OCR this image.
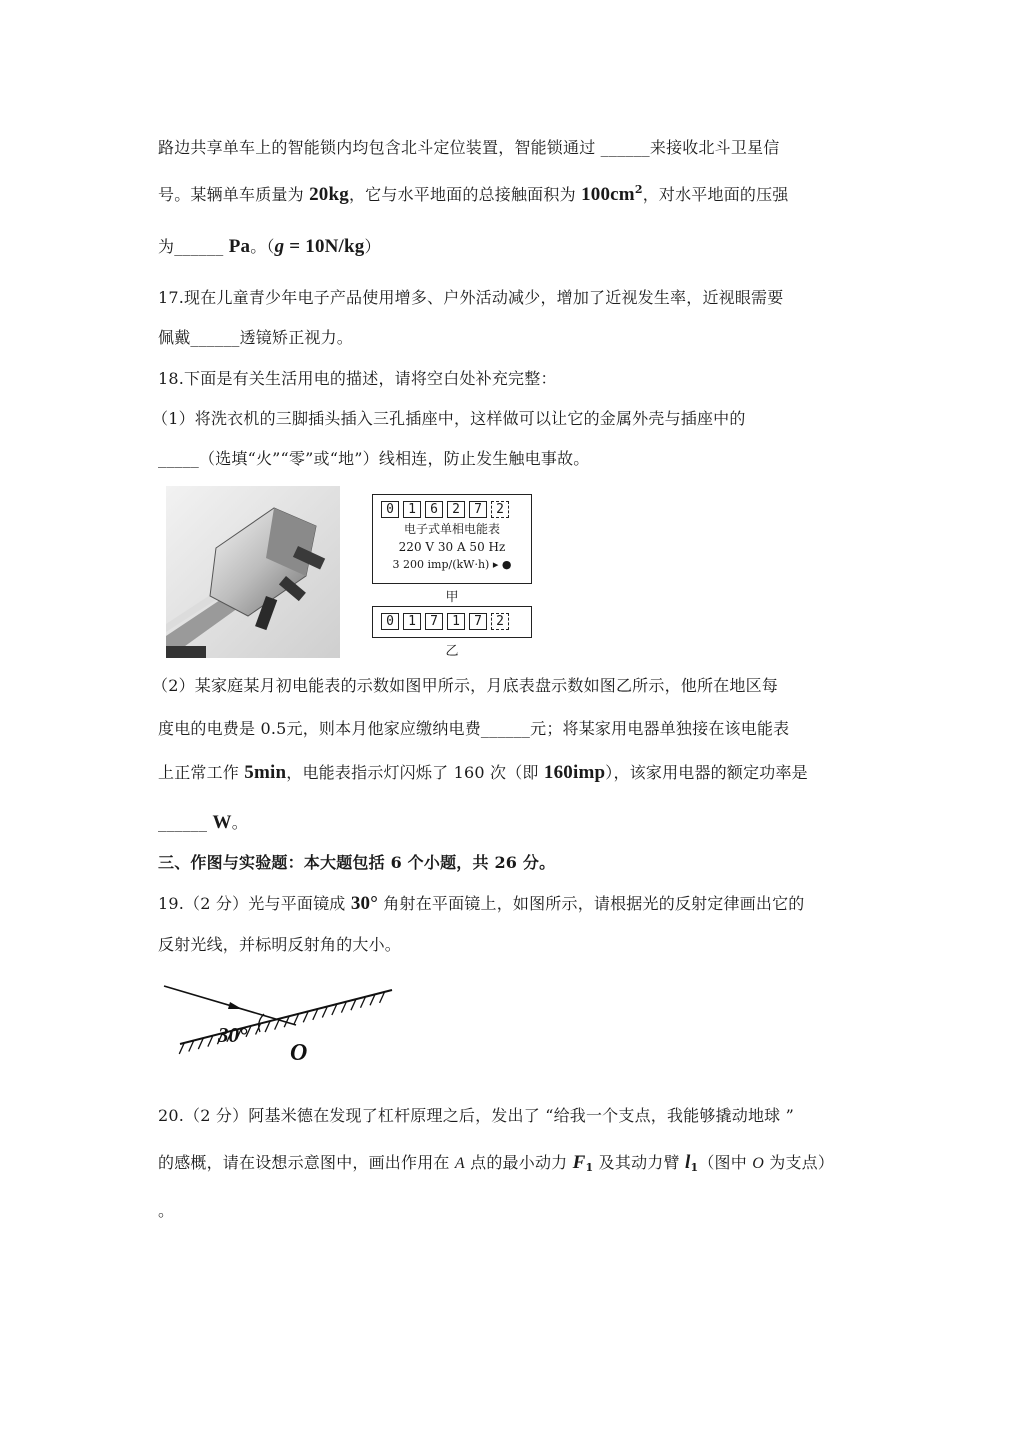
路边共享单车上的智能锁内均包含北斗定位装置，智能锁通过 ______来接收北斗卫星信
号。某辆单车质量为 20kg，它与水平地面的总接触面积为 $100cm^2$，对水平地面的压强
为______ Pa。（g = 10N/kg）
17.现在儿童青少年电子产品使用增多、户外活动减少，增加了近视发生率，近视眼需要
佩戴______透镜矫正视力。
18.下面是有关生活用电的描述，请将空白处补充完整：
（1）将洗衣机的三脚插头插入三孔插座中，这样做可以让它的金属外壳与插座中的
_____（选填“火”“零”或“地”）线相连，防止发生触电事故。
0	1	6	2	7	2
电子式单相电能表
220 V 30 A 50 Hz
3 200 imp/(kW·h) ▸ ●
甲
0	1	7	1	7	2
乙
（2）某家庭某月初电能表的示数如图甲所示，月底表盘示数如图乙所示，他所在地区每
度电的电费是 0.5元，则本月他家应缴纳电费______元；将某家用电器单独接在该电能表
上正常工作 5min，电能表指示灯闪烁了 160 次（即 160imp），该家用电器的额定功率是
______ W。
三、作图与实验题：本大题包括 6 个小题，共 26 分。
19.（2 分）光与平面镜成 30° 角射在平面镜上，如图所示，请根据光的反射定律画出它的
反射光线，并标明反射角的大小。
30°
O
20.（2 分）阿基米德在发现了杠杆原理之后，发出了 “给我一个支点，我能够撬动地球 ”
的感概，请在设想示意图中，画出作用在 A 点的最小动力 $F_1$ 及其动力臂 $l_1$（图中 O 为支点）
。
